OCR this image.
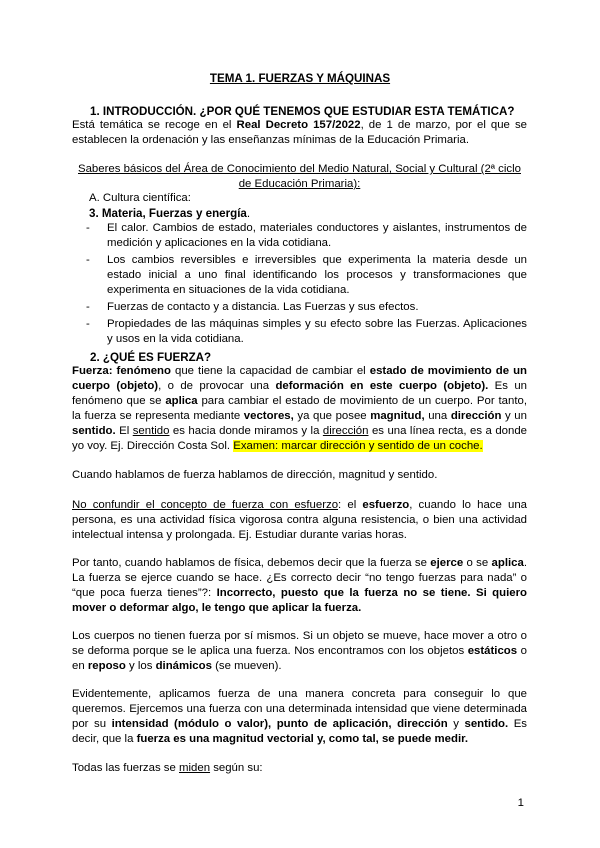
TEMA 1. FUERZAS Y MÁQUINAS
1. INTRODUCCIÓN. ¿POR QUÉ TENEMOS QUE ESTUDIAR ESTA TEMÁTICA?
Está temática se recoge en el Real Decreto 157/2022, de 1 de marzo, por el que se establecen la ordenación y las enseñanzas mínimas de la Educación Primaria.
Saberes básicos del Área de Conocimiento del Medio Natural, Social y Cultural (2ª ciclo de Educación Primaria):
A. Cultura científica:
3. Materia, Fuerzas y energía.
- El calor. Cambios de estado, materiales conductores y aislantes, instrumentos de medición y aplicaciones en la vida cotidiana.
- Los cambios reversibles e irreversibles que experimenta la materia desde un estado inicial a uno final identificando los procesos y transformaciones que experimenta en situaciones de la vida cotidiana.
- Fuerzas de contacto y a distancia. Las Fuerzas y sus efectos.
- Propiedades de las máquinas simples y su efecto sobre las Fuerzas. Aplicaciones y usos en la vida cotidiana.
2. ¿QUÉ ES FUERZA?
Fuerza: fenómeno que tiene la capacidad de cambiar el estado de movimiento de un cuerpo (objeto), o de provocar una deformación en este cuerpo (objeto). Es un fenómeno que se aplica para cambiar el estado de movimiento de un cuerpo. Por tanto, la fuerza se representa mediante vectores, ya que posee magnitud, una dirección y un sentido. El sentido es hacia donde miramos y la dirección es una línea recta, es a donde yo voy. Ej. Dirección Costa Sol. Examen: marcar dirección y sentido de un coche.
Cuando hablamos de fuerza hablamos de dirección, magnitud y sentido.
No confundir el concepto de fuerza con esfuerzo: el esfuerzo, cuando lo hace una persona, es una actividad física vigorosa contra alguna resistencia, o bien una actividad intelectual intensa y prolongada. Ej. Estudiar durante varias horas.
Por tanto, cuando hablamos de física, debemos decir que la fuerza se ejerce o se aplica. La fuerza se ejerce cuando se hace. ¿Es correcto decir “no tengo fuerzas para nada” o “que poca fuerza tienes”?: Incorrecto, puesto que la fuerza no se tiene. Si quiero mover o deformar algo, le tengo que aplicar la fuerza.
Los cuerpos no tienen fuerza por sí mismos. Si un objeto se mueve, hace mover a otro o se deforma porque se le aplica una fuerza. Nos encontramos con los objetos estáticos o en reposo y los dinámicos (se mueven).
Evidentemente, aplicamos fuerza de una manera concreta para conseguir lo que queremos. Ejercemos una fuerza con una determinada intensidad que viene determinada por su intensidad (módulo o valor), punto de aplicación, dirección y sentido. Es decir, que la fuerza es una magnitud vectorial y, como tal, se puede medir.
Todas las fuerzas se miden según su:
1
